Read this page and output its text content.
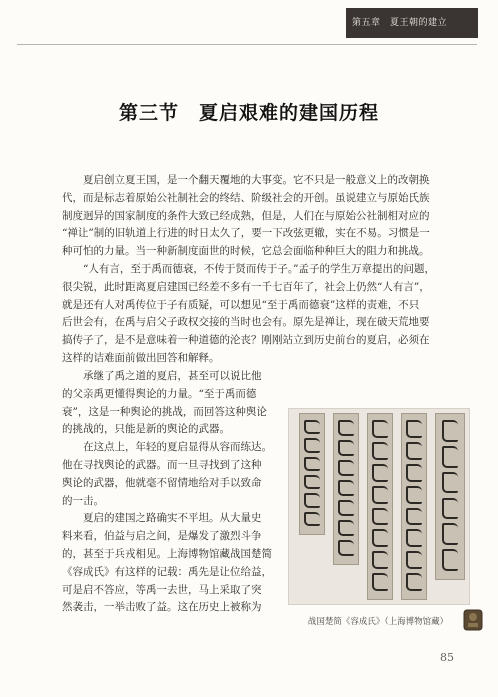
第五章　夏王朝的建立
第三节　夏启艰难的建国历程
夏启创立夏王国，是一个翻天覆地的大事变。它不只是一般意义上的改朝换
代，而是标志着原始公社制社会的终结、阶级社会的开创。虽说建立与原始氏族
制度迥异的国家制度的条件大致已经成熟，但是，人们在与原始公社制相对应的
“禅让”制的旧轨道上行进的时日太久了，要一下改弦更辙，实在不易。习惯是一
种可怕的力量。当一种新制度面世的时候，它总会面临种种巨大的阻力和挑战。
“人有言，至于禹而德衰，不传于贤而传于子。”孟子的学生万章提出的问题，
很尖锐，此时距离夏启建国已经差不多有一千七百年了，社会上仍然“人有言”，
就是还有人对禹传位于子有质疑，可以想见“至于禹而德衰”这样的责难，不只
后世会有，在禹与启父子政权交接的当时也会有。原先是禅让，现在破天荒地要
搞传子了，是不是意味着一种道德的沦丧？刚刚站立到历史前台的夏启，必须在
这样的诘难面前做出回答和解释。
承继了禹之道的夏启，甚至可以说比他
的父亲禹更懂得舆论的力量。“至于禹而德
衰”，这是一种舆论的挑战，而回答这种舆论
的挑战的，只能是新的舆论的武器。
在这点上，年轻的夏启显得从容而练达。
他在寻找舆论的武器。而一旦寻找到了这种
舆论的武器，他就毫不留情地给对手以致命
的一击。
夏启的建国之路确实不平坦。从大量史
料来看，伯益与启之间，是爆发了激烈斗争
的，甚至于兵戎相见。上海博物馆藏战国楚简
《容成氏》有这样的记载：禹先是让位给益，
可是启不答应，等禹一去世，马上采取了突
然袭击，一举击败了益。这在历史上被称为
战国楚简《容成氏》（上海博物馆藏）
85
